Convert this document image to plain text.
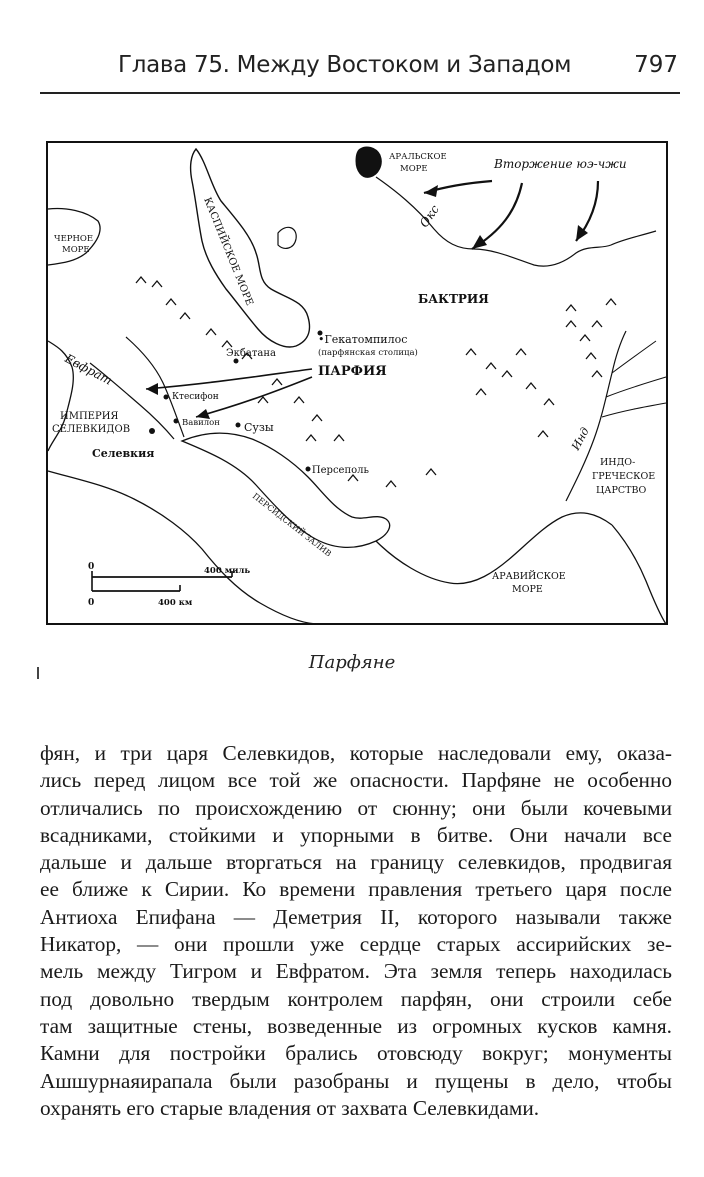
Глава 75. Между Востоком и Западом	797
АРАЛЬСКОЕ
МОРЕ	Вторжение юэ-чжи
Окс
ЧЕРНОЕ
МОРЕ	КАСПИЙСКОЕ МОРЕ	БАКТРИЯ
•Гекатомпилос
(парфянская столица)
Экбатана
ПАРФИЯ
Евфрат
Ктесифон
ИМПЕРИЯ
СЕЛЕВКИДОВ
Вавилон Сузы
Селевкия
•Персеполь
ПЕРСИДСКИЙ ЗАЛИВ
Инд
ИНДО-
ГРЕЧЕСКОЕ
ЦАРСТВО
АРАВИЙСКОЕ
МОРЕ
0	400 миль
0	400 км
Парфяне
фян, и три царя Селевкидов, которые наследовали ему, оказа-
лись перед лицом все той же опасности. Парфяне не особенно
отличались по происхождению от сюнну; они были кочевыми
всадниками, стойкими и упорными в битве. Они начали все
дальше и дальше вторгаться на границу селевкидов, продвигая
ее ближе к Сирии. Ко времени правления третьего царя после
Антиоха Епифана — Деметрия II, которого называли также
Никатор, — они прошли уже сердце старых ассирийских зе-
мель между Тигром и Евфратом. Эта земля теперь находилась
под довольно твердым контролем парфян, они строили себе
там защитные стены, возведенные из огромных кусков камня.
Камни для постройки брались отовсюду вокруг; монументы
Ашшурнаяирапала были разобраны и пущены в дело, чтобы
охранять его старые владения от захвата Селевкидами.
